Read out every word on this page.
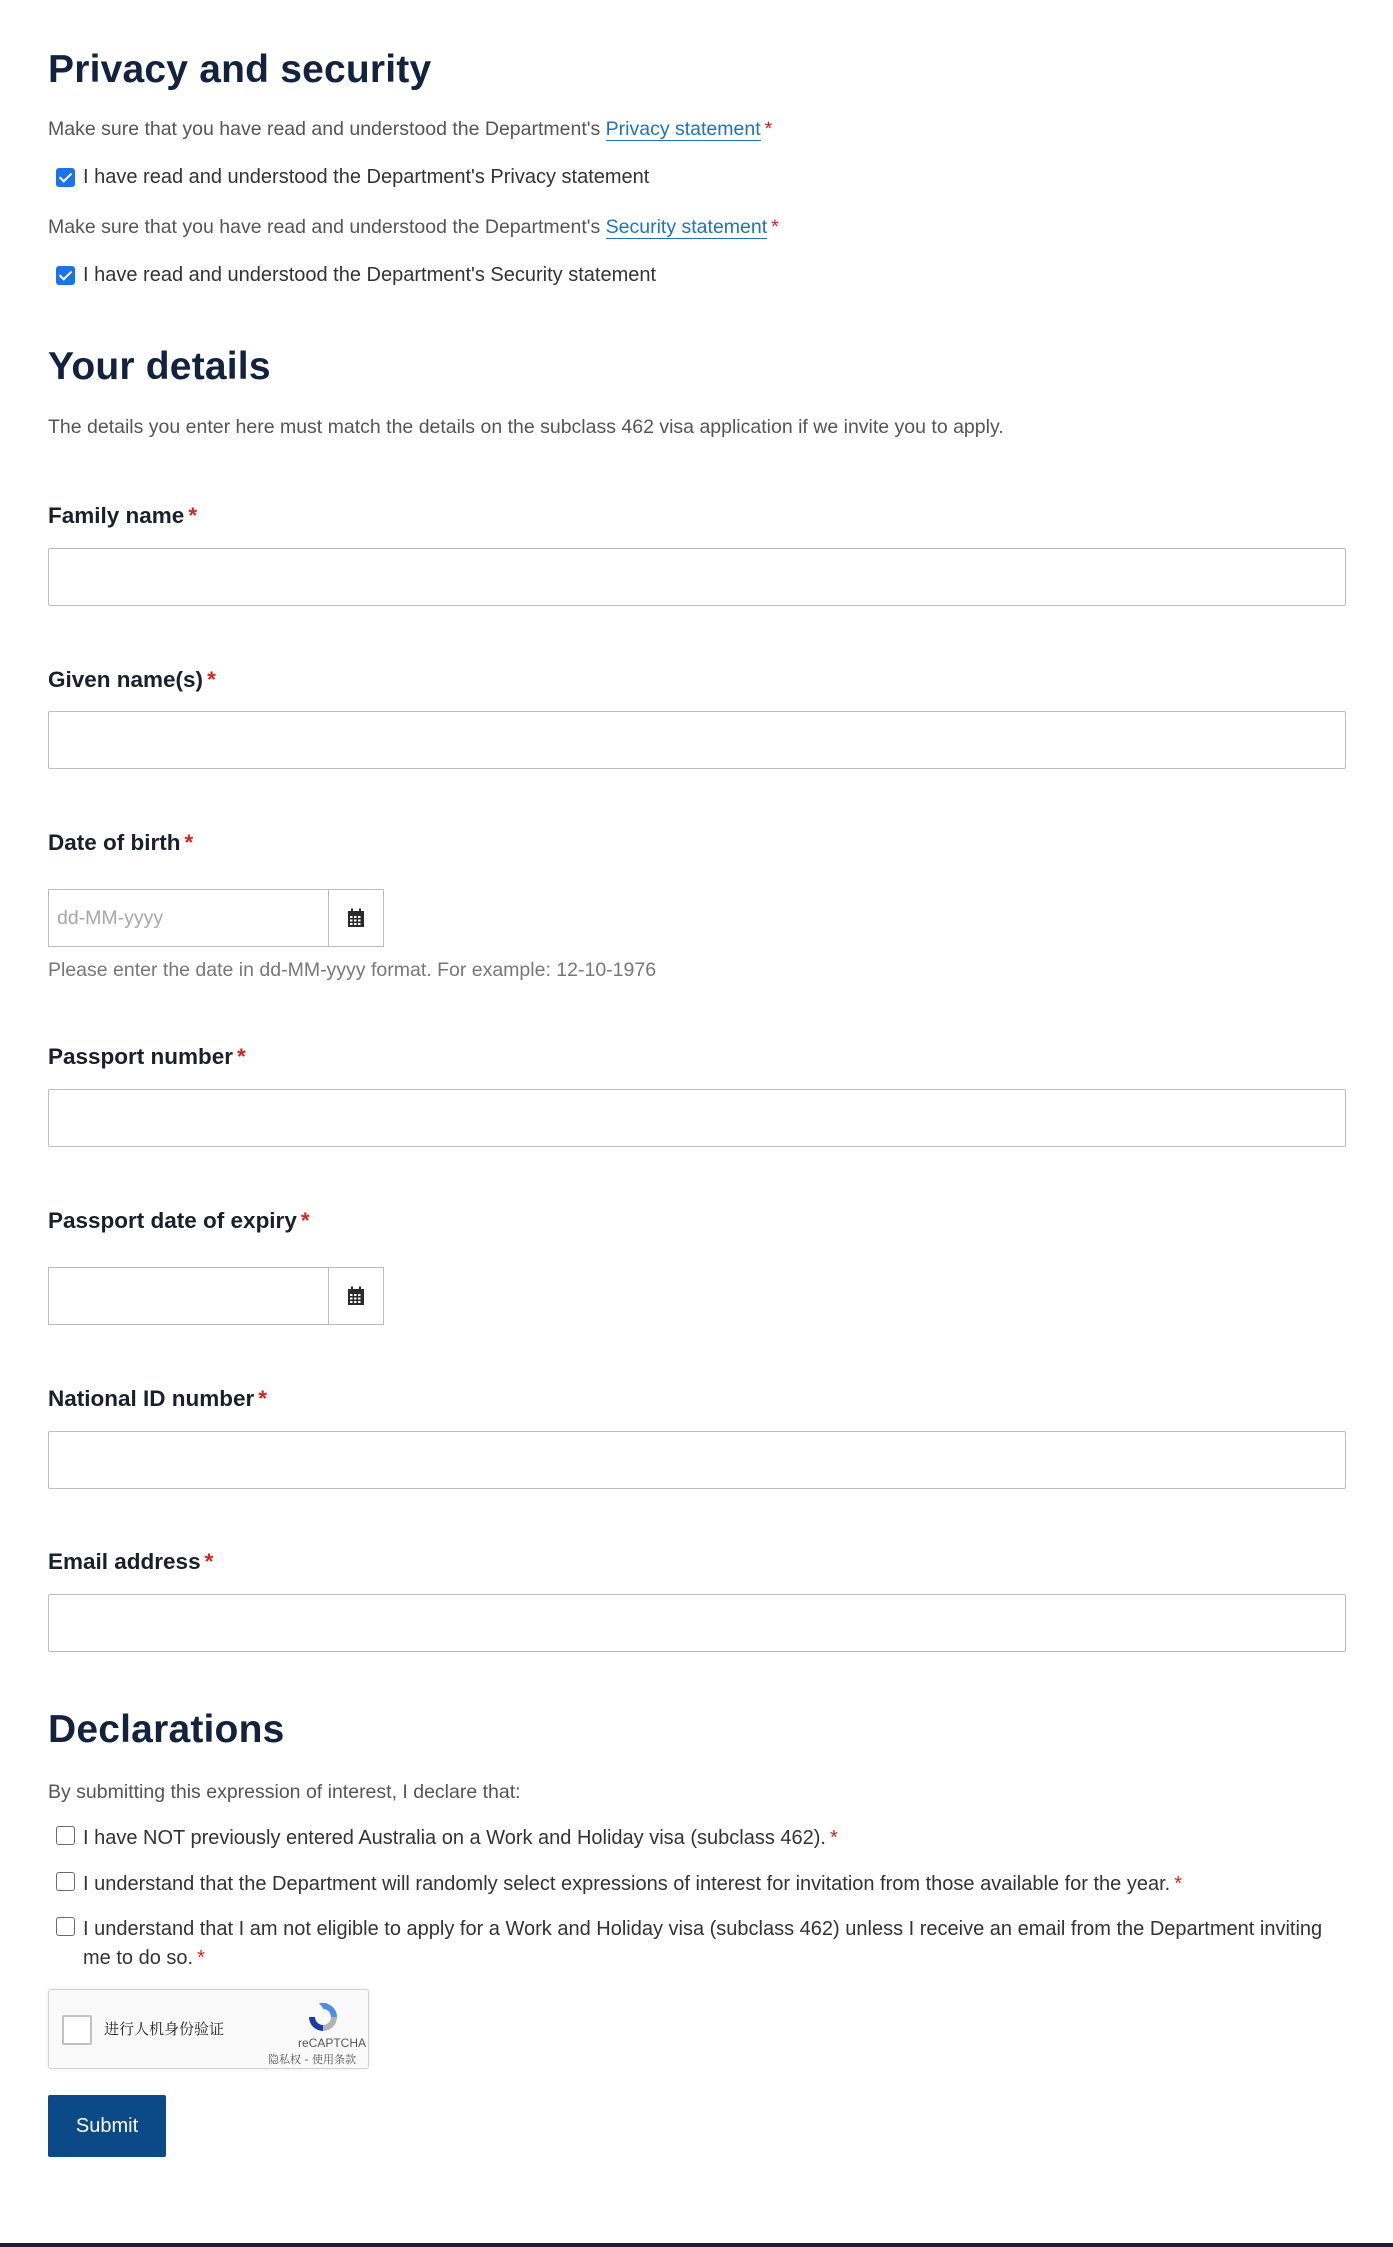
Privacy and security

Make sure that you have read and understood the Department's Privacy statement *

I have read and understood the Department's Privacy statement

Make sure that you have read and understood the Department's Security statement *

I have read and understood the Department's Security statement
Your details

The details you enter here must match the details on the subclass 462 visa application if we invite you to apply.

Family name *

Given name(s) *

Date of birth *

dd-MM-yyyy

Please enter the date in dd-MM-yyyy format. For example: 12-10-1976

Passport number *

Passport date of expiry *

National ID number *

Email address *

Declarations

By submitting this expression of interest, I declare that:

I have NOT previously entered Australia on a Work and Holiday visa (subclass 462). *
I understand that the Department will randomly select expressions of interest for invitation from those available for the year. *
I understand that I am not eligible to apply for a Work and Holiday visa (subclass 462) unless I receive an email from the Department inviting me to do so. *
进行人机身份验证
reCAPTCHA
隐私权 - 使用条款
Submit
